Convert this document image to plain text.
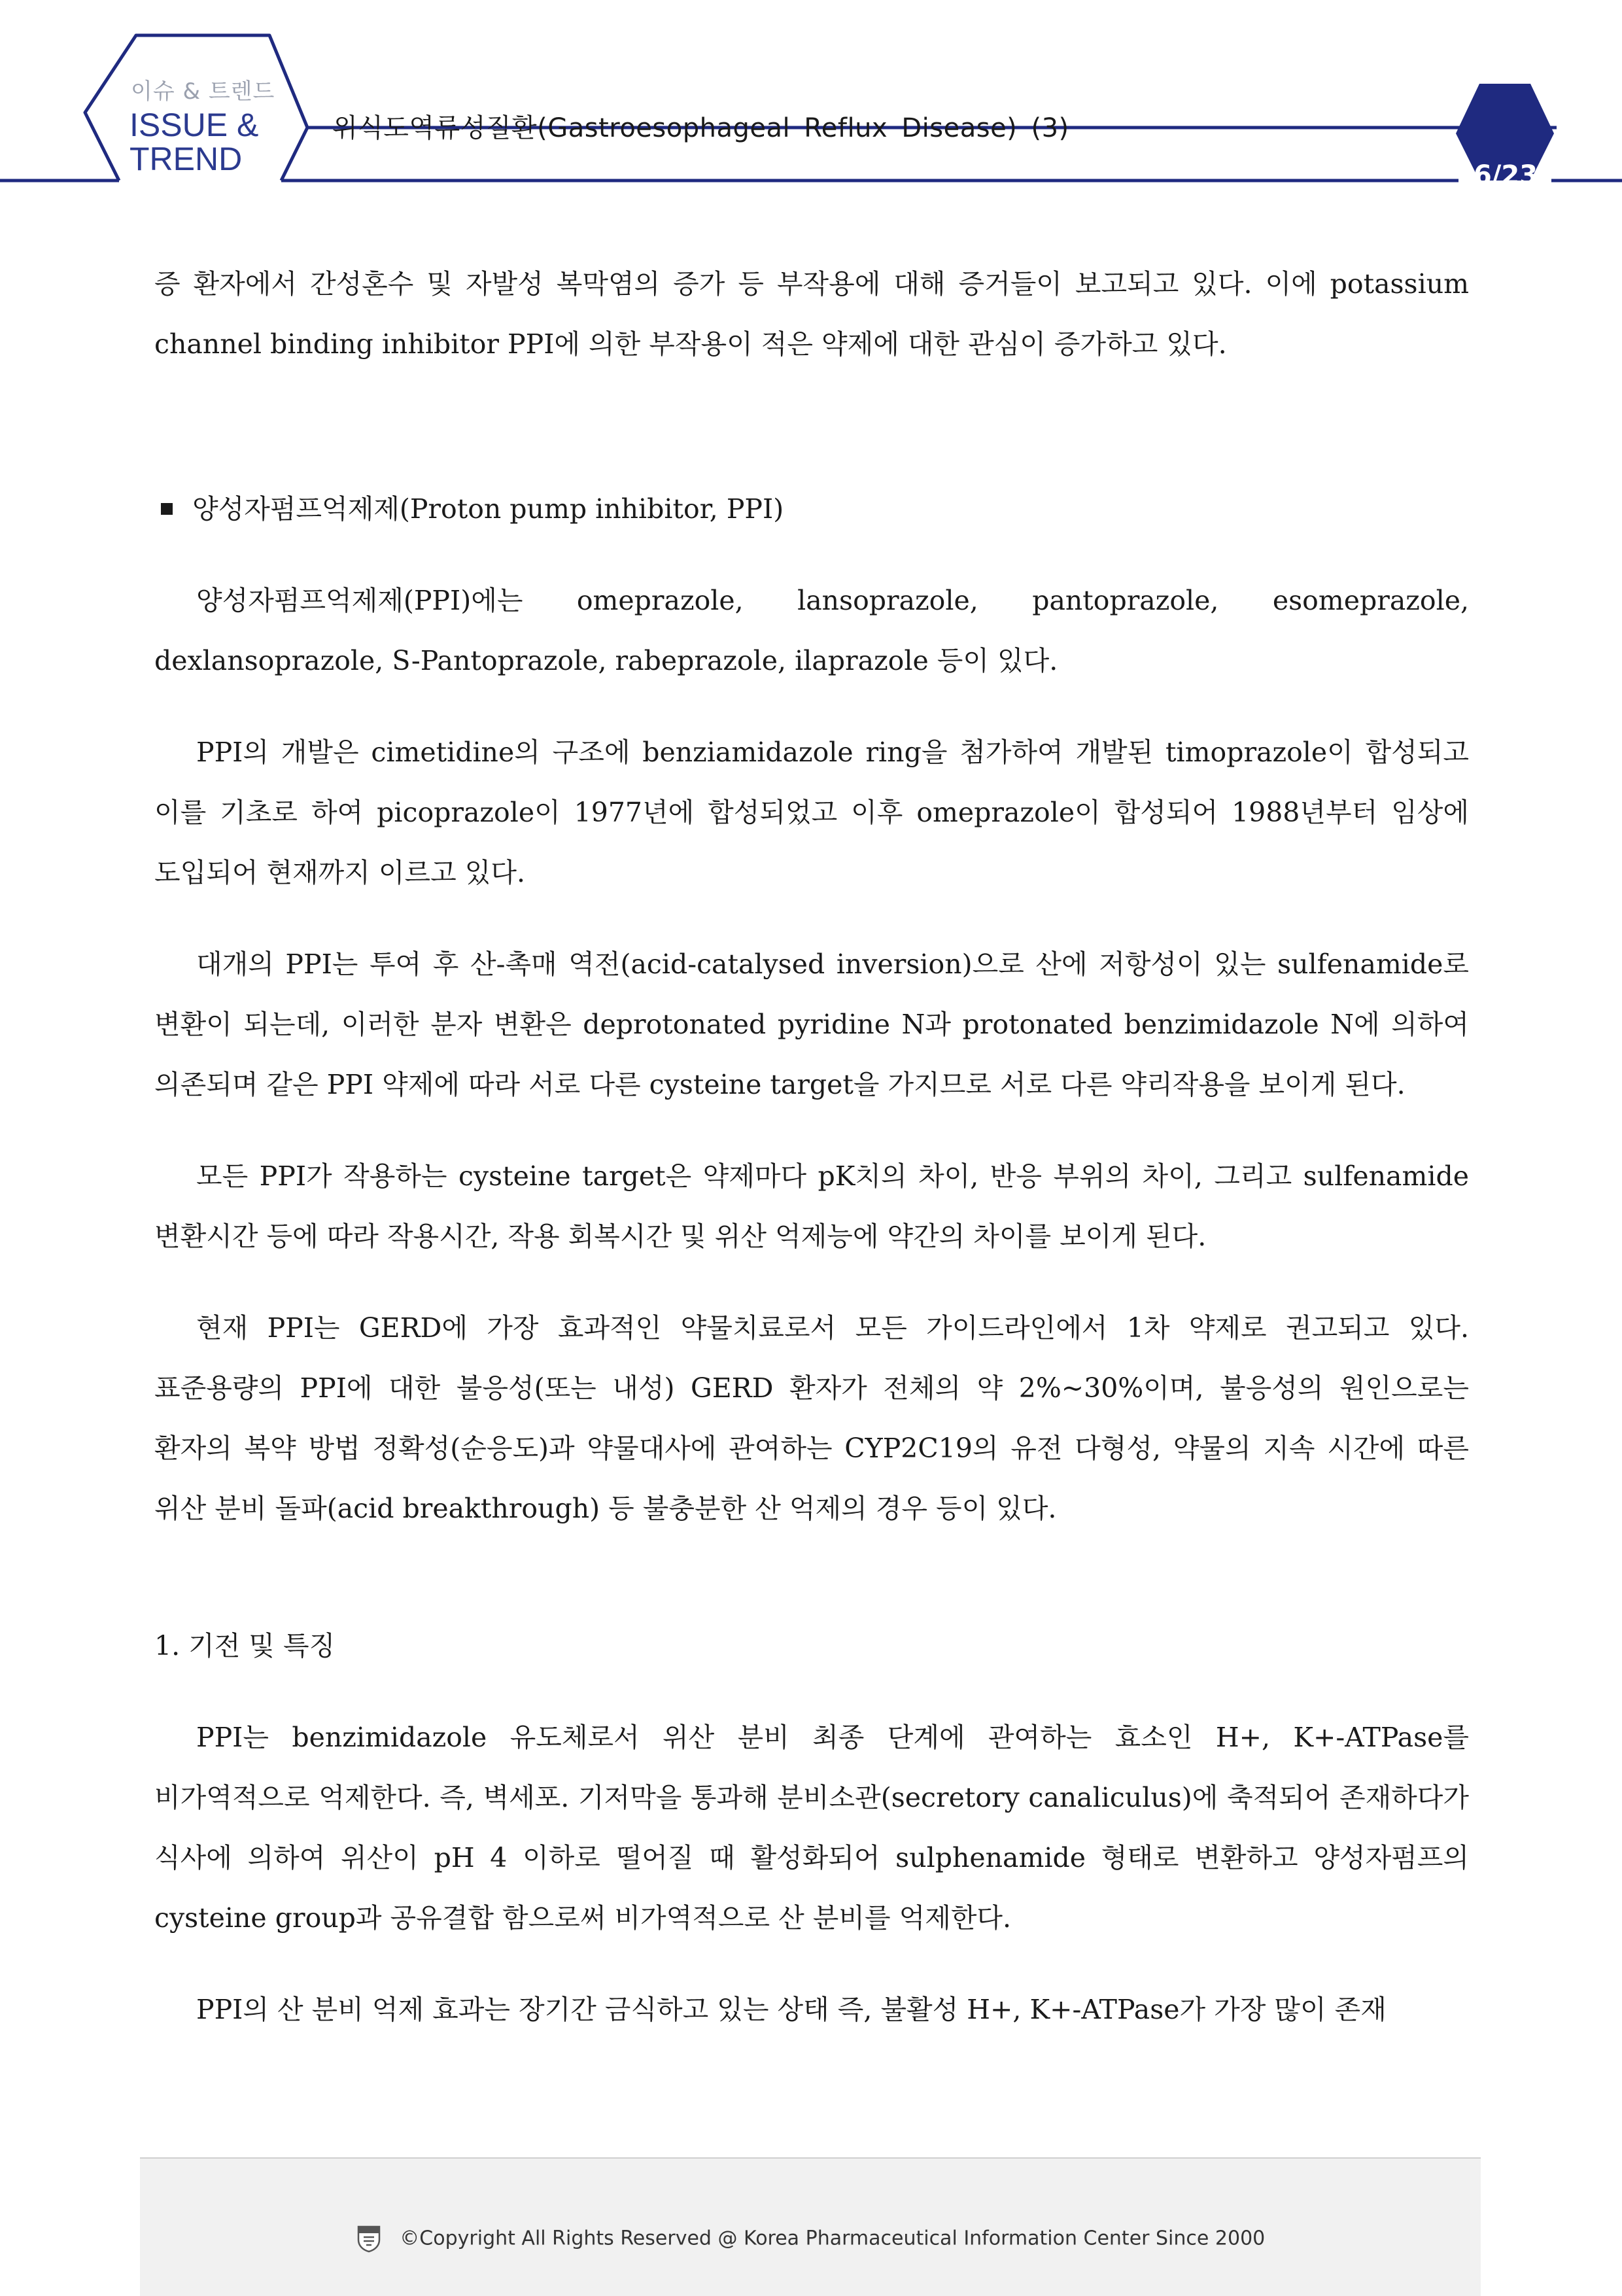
이슈 & 트렌드
ISSUE &
TREND
위식도역류성질환(Gastroesophageal Reflux Disease) (3)
6/23

증 환자에서 간성혼수 및 자발성 복막염의 증가 등 부작용에 대해 증거들이 보고되고 있다. 이에 potassium channel binding inhibitor PPI에 의한 부작용이 적은 약제에 대한 관심이 증가하고 있다.

양성자펌프억제제(Proton pump inhibitor, PPI)

양성자펌프억제제(PPI)에는 omeprazole, lansoprazole, pantoprazole, esomeprazole, dexlansoprazole, S-Pantoprazole, rabeprazole, ilaprazole 등이 있다.

PPI의 개발은 cimetidine의 구조에 benziamidazole ring을 첨가하여 개발된 timoprazole이 합성되고 이를 기초로 하여 picoprazole이 1977년에 합성되었고 이후 omeprazole이 합성되어 1988년부터 임상에 도입되어 현재까지 이르고 있다.

대개의 PPI는 투여 후 산-촉매 역전(acid-catalysed inversion)으로 산에 저항성이 있는 sulfenamide로 변환이 되는데, 이러한 분자 변환은 deprotonated pyridine N과 protonated benzimidazole N에 의하여 의존되며 같은 PPI 약제에 따라 서로 다른 cysteine target을 가지므로 서로 다른 약리작용을 보이게 된다.

모든 PPI가 작용하는 cysteine target은 약제마다 pK치의 차이, 반응 부위의 차이, 그리고 sulfenamide 변환시간 등에 따라 작용시간, 작용 회복시간 및 위산 억제능에 약간의 차이를 보이게 된다.

현재 PPI는 GERD에 가장 효과적인 약물치료로서 모든 가이드라인에서 1차 약제로 권고되고 있다. 표준용량의 PPI에 대한 불응성(또는 내성) GERD 환자가 전체의 약 2%~30%이며, 불응성의 원인으로는 환자의 복약 방법 정확성(순응도)과 약물대사에 관여하는 CYP2C19의 유전 다형성, 약물의 지속 시간에 따른 위산 분비 돌파(acid breakthrough) 등 불충분한 산 억제의 경우 등이 있다.

1. 기전 및 특징

PPI는 benzimidazole 유도체로서 위산 분비 최종 단계에 관여하는 효소인 H+, K+-ATPase를 비가역적으로 억제한다. 즉, 벽세포. 기저막을 통과해 분비소관(secretory canaliculus)에 축적되어 존재하다가 식사에 의하여 위산이 pH 4 이하로 떨어질 때 활성화되어 sulphenamide 형태로 변환하고 양성자펌프의 cysteine group과 공유결합 함으로써 비가역적으로 산 분비를 억제한다.

PPI의 산 분비 억제 효과는 장기간 금식하고 있는 상태 즉, 불활성 H+, K+-ATPase가 가장 많이 존재

©Copyright All Rights Reserved @ Korea Pharmaceutical Information Center Since 2000
